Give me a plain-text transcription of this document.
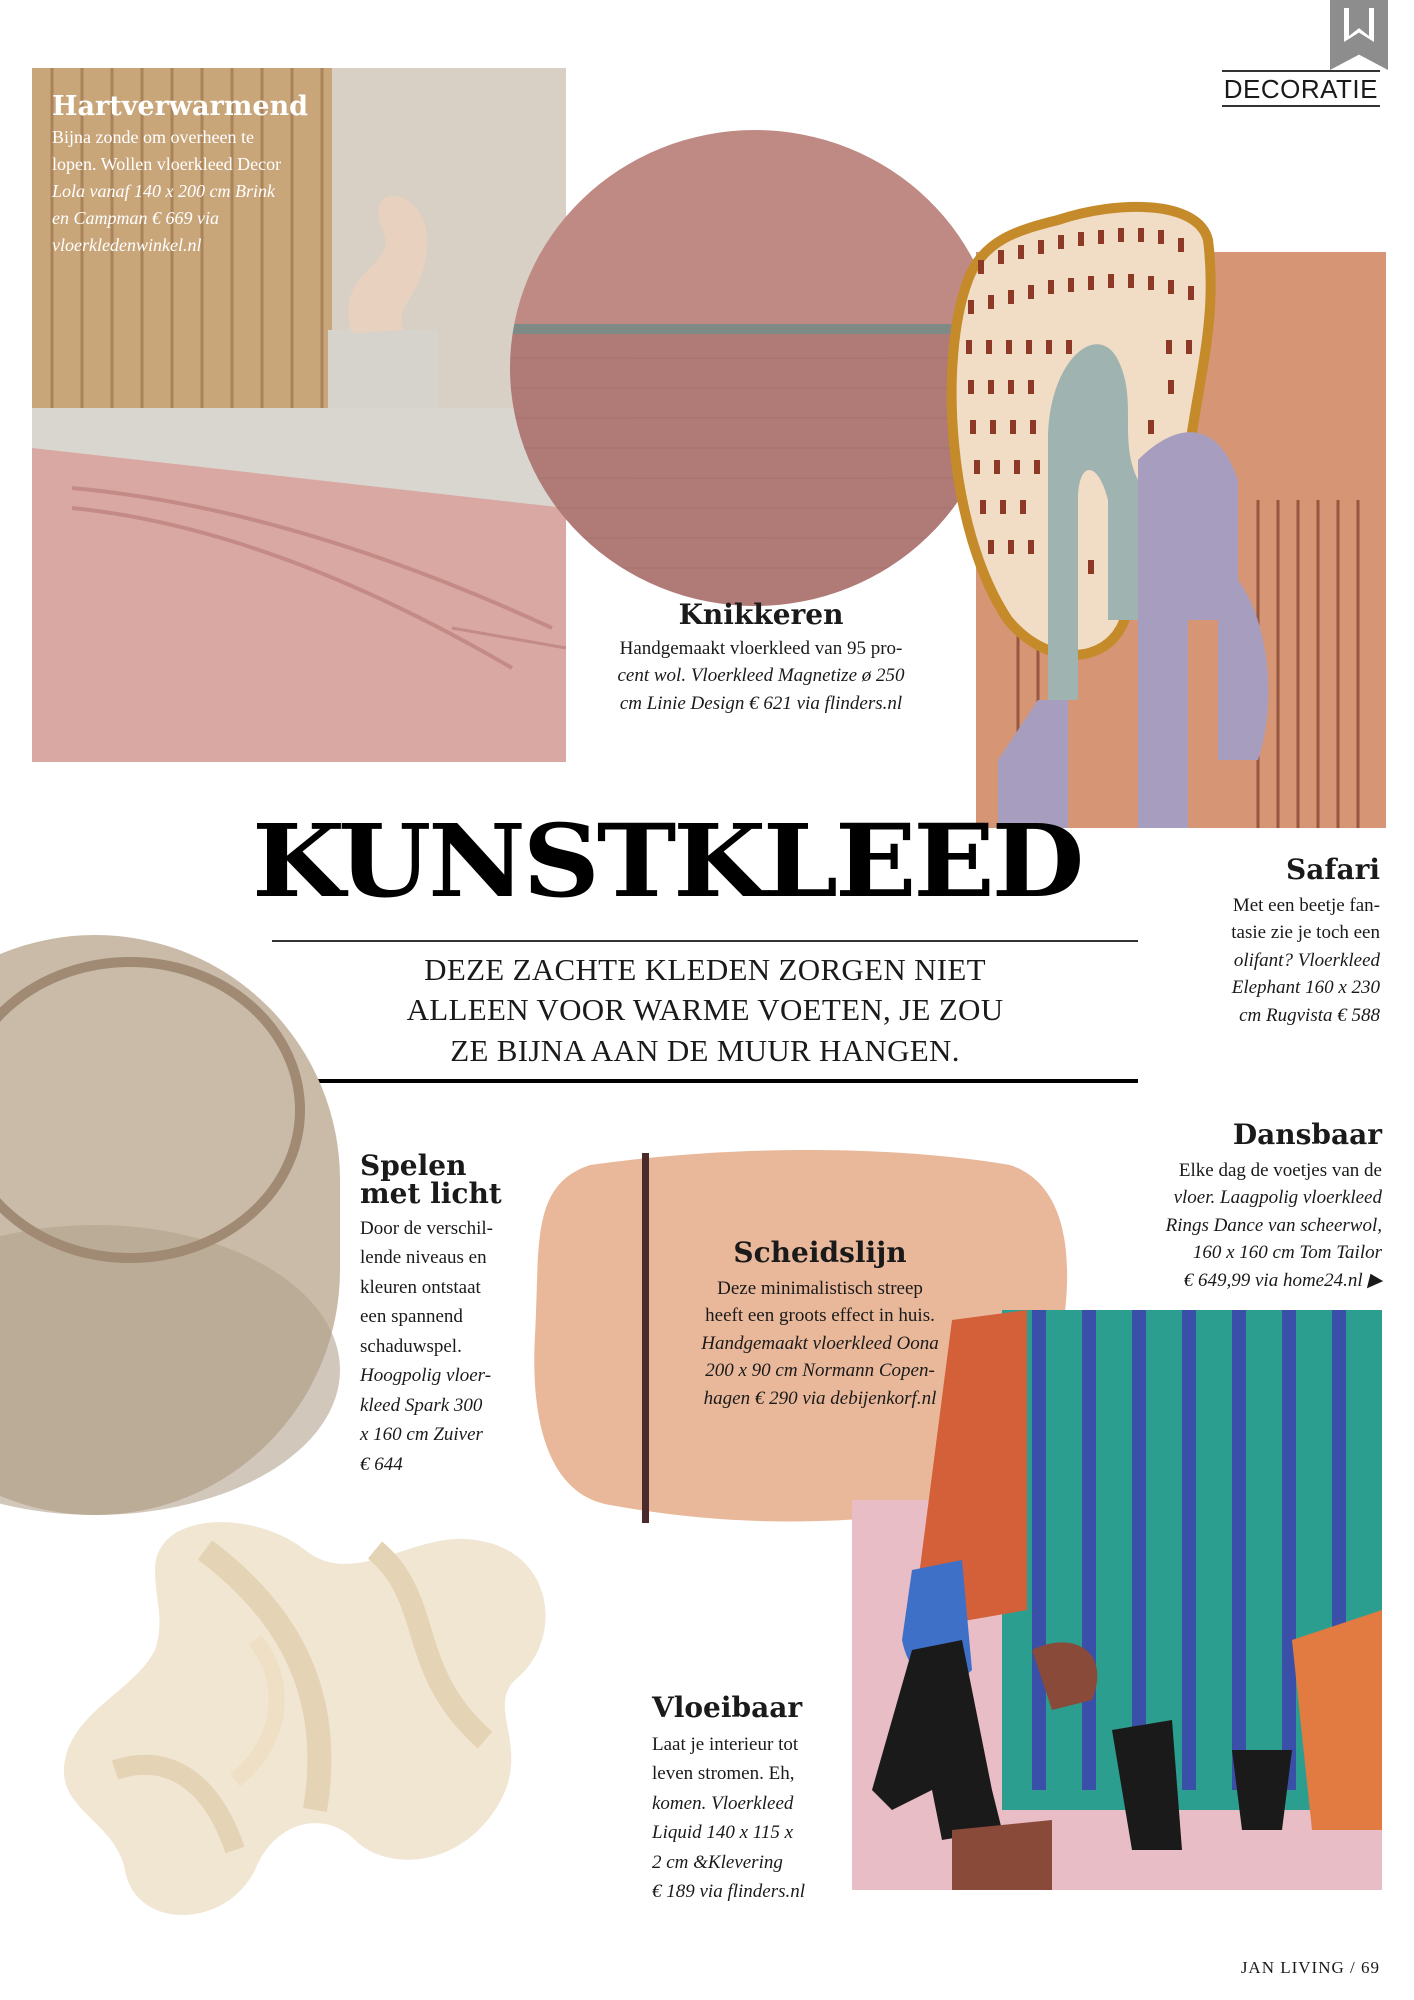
DECORATIE
Hartverwarmend
Bijna zonde om overheen te
lopen. Wollen vloerkleed Decor
Lola vanaf 140 x 200 cm Brink
en Campman € 669 via
vloerkledenwinkel.nl
Knikkeren
Handgemaakt vloerkleed van 95 pro-
cent wol. Vloerkleed Magnetize ø 250
cm Linie Design € 621 via flinders.nl
Safari
Met een beetje fan-
tasie zie je toch een
olifant? Vloerkleed
Elephant 160 x 230
cm Rugvista € 588
KUNSTKLEED
DEZE ZACHTE KLEDEN ZORGEN NIET
ALLEEN VOOR WARME VOETEN, JE ZOU
ZE BIJNA AAN DE MUUR HANGEN.
Spelen
met licht
Door de verschil-
lende niveaus en
kleuren ontstaat
een spannend
schaduwspel.
Hoogpolig vloer-
kleed Spark 300
x 160 cm Zuiver
€ 644
Scheidslijn
Deze minimalistisch streep
heeft een groots effect in huis.
Handgemaakt vloerkleed Oona
200 x 90 cm Normann Copen-
hagen € 290 via debijenkorf.nl
Dansbaar
Elke dag de voetjes van de
vloer. Laagpolig vloerkleed
Rings Dance van scheerwol,
160 x 160 cm Tom Tailor
€ 649,99 via home24.nl ▶
Vloeibaar
Laat je interieur tot
leven stromen. Eh,
komen. Vloerkleed
Liquid 140 x 115 x
2 cm &Klevering
€ 189 via flinders.nl
JAN LIVING / 69
